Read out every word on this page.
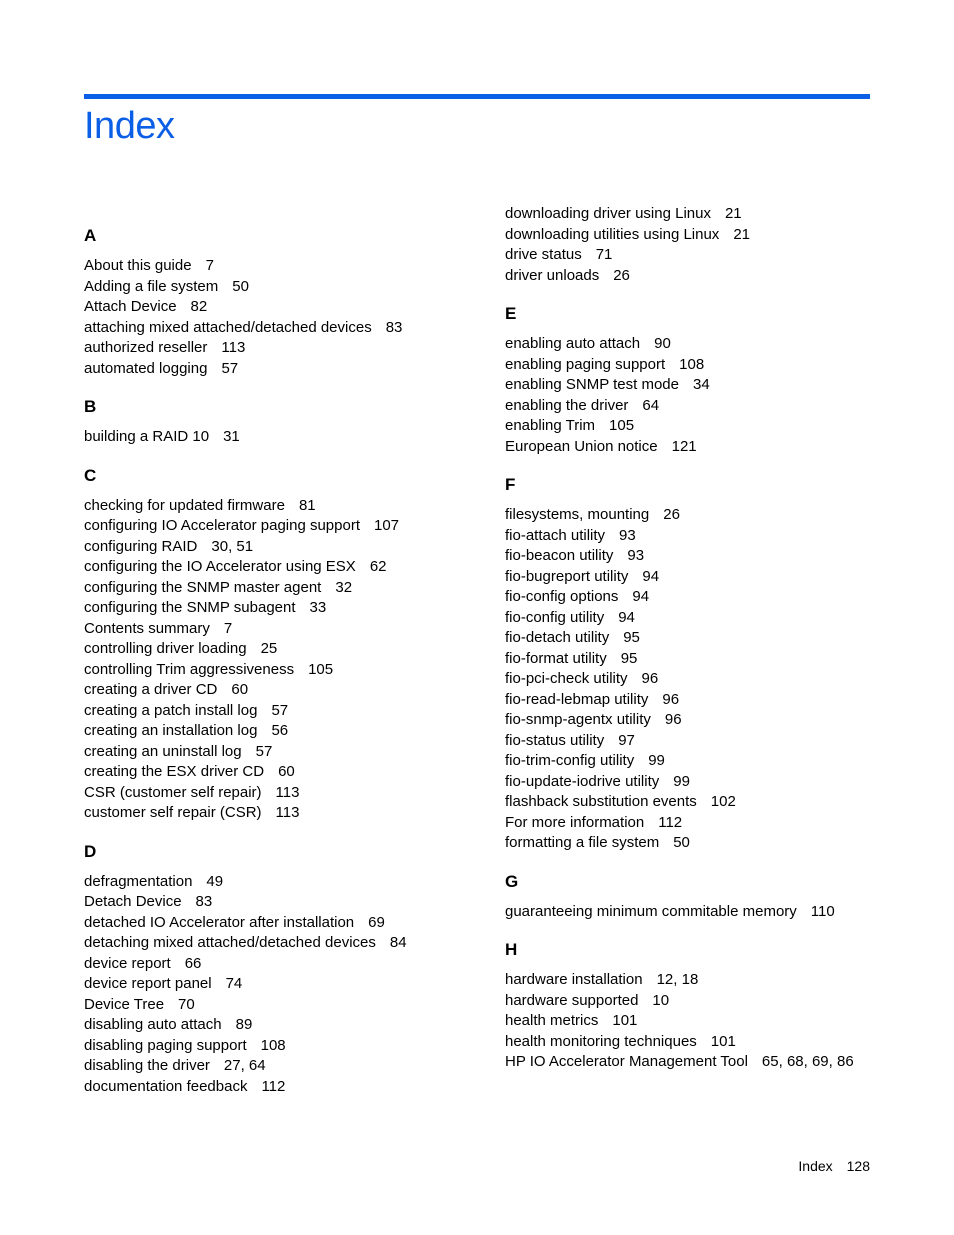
Index
A
About this guide 7
Adding a file system 50
Attach Device 82
attaching mixed attached/detached devices 83
authorized reseller 113
automated logging 57
B
building a RAID 10 31
C
checking for updated firmware 81
configuring IO Accelerator paging support 107
configuring RAID 30, 51
configuring the IO Accelerator using ESX 62
configuring the SNMP master agent 32
configuring the SNMP subagent 33
Contents summary 7
controlling driver loading 25
controlling Trim aggressiveness 105
creating a driver CD 60
creating a patch install log 57
creating an installation log 56
creating an uninstall log 57
creating the ESX driver CD 60
CSR (customer self repair) 113
customer self repair (CSR) 113
D
defragmentation 49
Detach Device 83
detached IO Accelerator after installation 69
detaching mixed attached/detached devices 84
device report 66
device report panel 74
Device Tree 70
disabling auto attach 89
disabling paging support 108
disabling the driver 27, 64
documentation feedback 112
downloading driver using Linux 21
downloading utilities using Linux 21
drive status 71
driver unloads 26
E
enabling auto attach 90
enabling paging support 108
enabling SNMP test mode 34
enabling the driver 64
enabling Trim 105
European Union notice 121
F
filesystems, mounting 26
fio-attach utility 93
fio-beacon utility 93
fio-bugreport utility 94
fio-config options 94
fio-config utility 94
fio-detach utility 95
fio-format utility 95
fio-pci-check utility 96
fio-read-lebmap utility 96
fio-snmp-agentx utility 96
fio-status utility 97
fio-trim-config utility 99
fio-update-iodrive utility 99
flashback substitution events 102
For more information 112
formatting a file system 50
G
guaranteeing minimum commitable memory 110
H
hardware installation 12, 18
hardware supported 10
health metrics 101
health monitoring techniques 101
HP IO Accelerator Management Tool 65, 68, 69, 86
Index 128
